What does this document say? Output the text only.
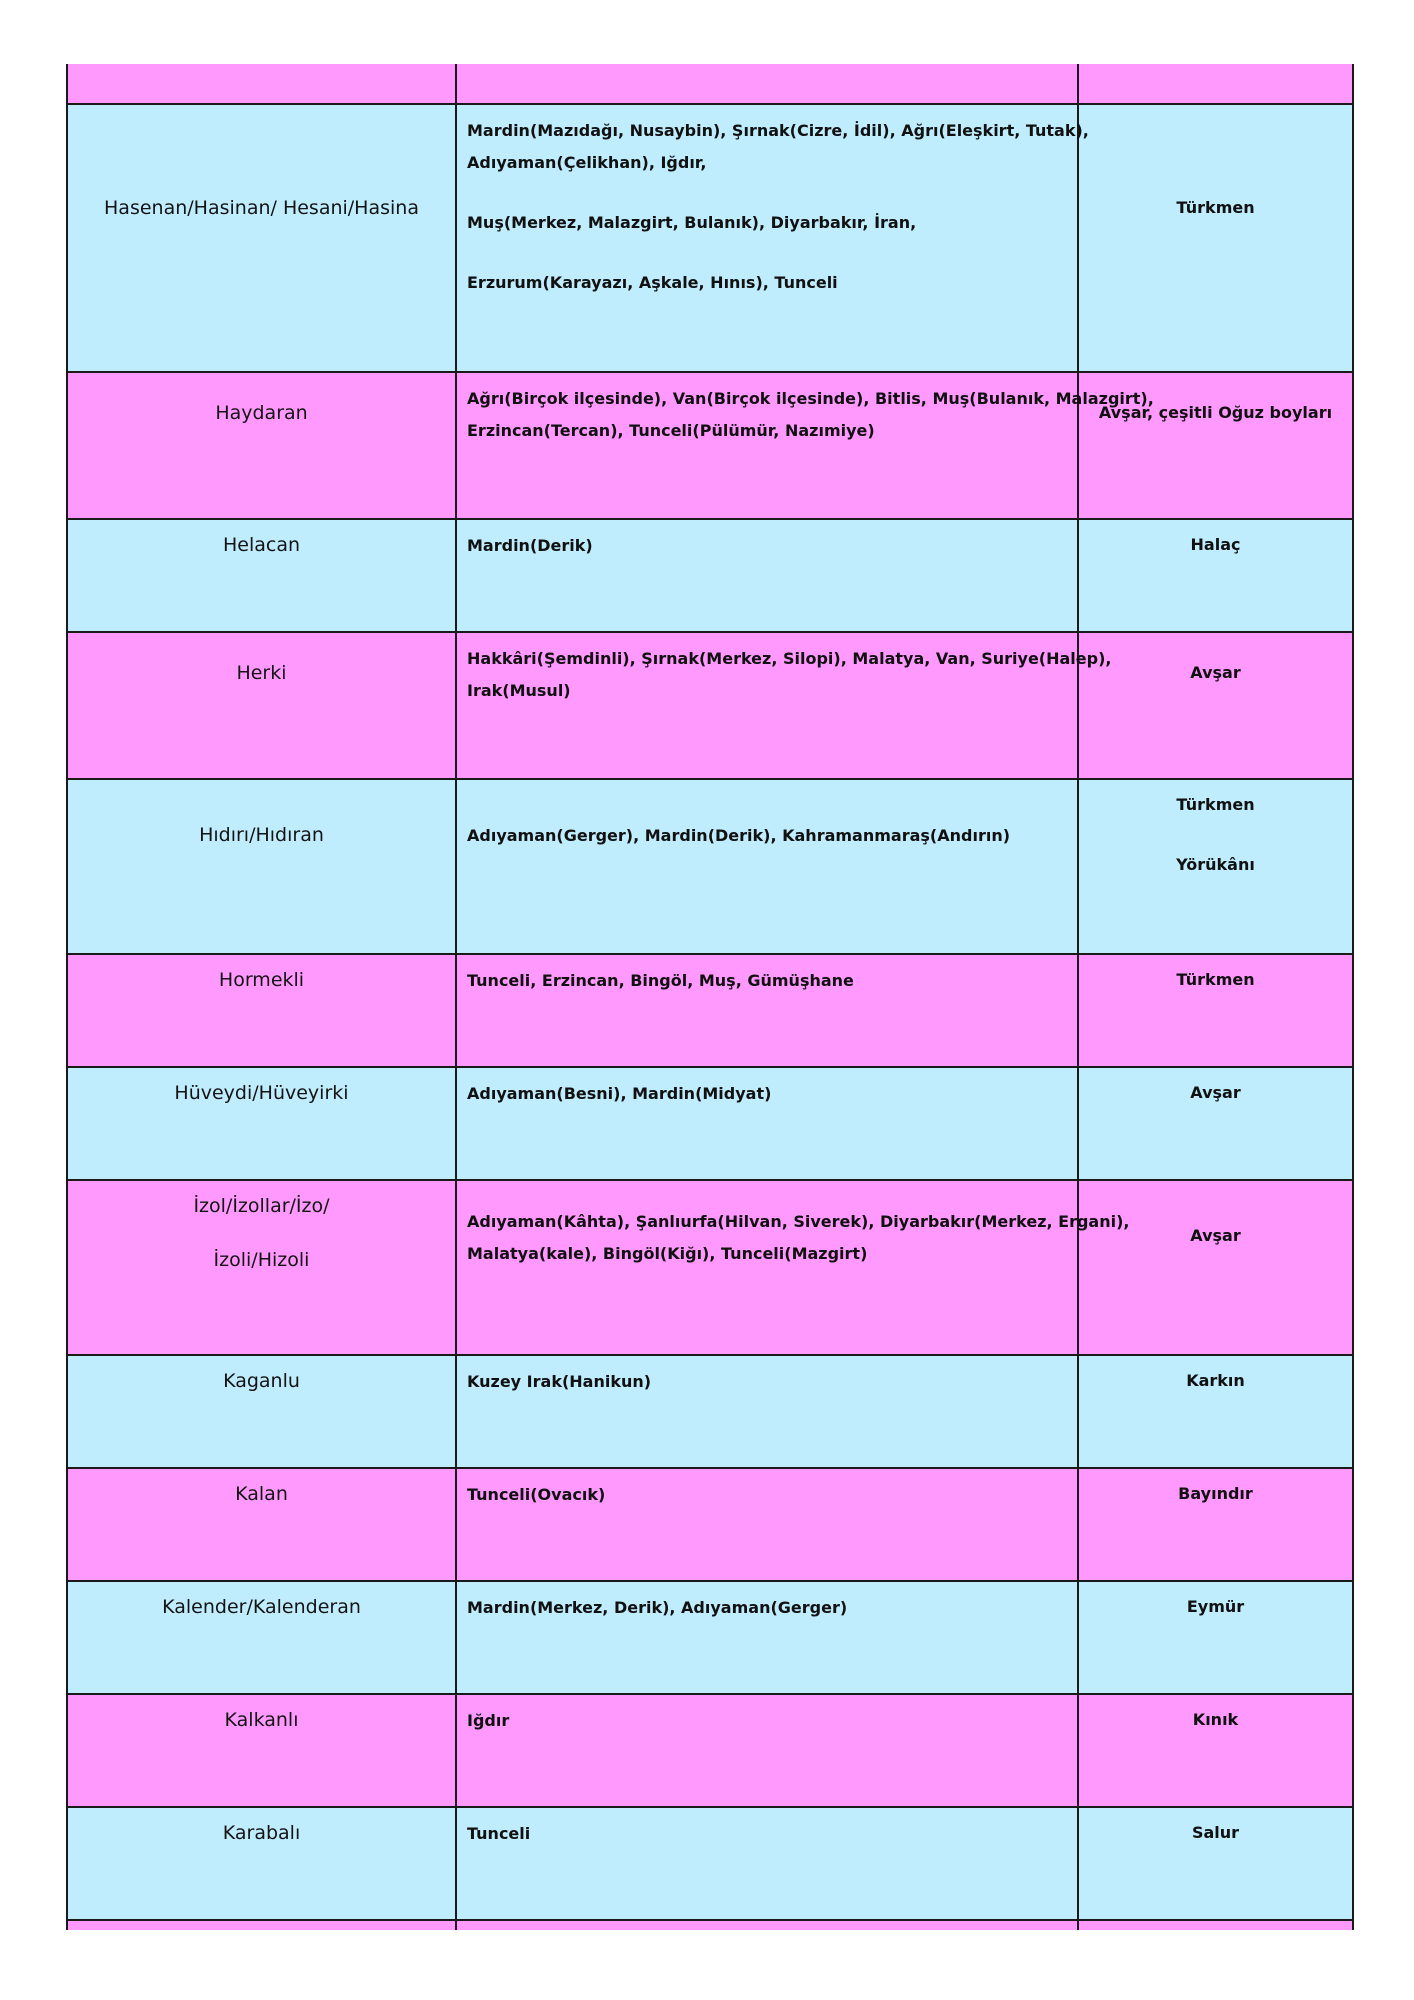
Hasenan/Hasinan/ Hesani/Hasina	Mardin(Mazıdağı, Nusaybin), Şırnak(Cizre, İdil), Ağrı(Eleşkirt, Tutak),
Adıyaman(Çelikhan), Iğdır,
Muş(Merkez, Malazgirt, Bulanık), Diyarbakır, İran,
Erzurum(Karayazı, Aşkale, Hınıs), Tunceli	Türkmen

Haydaran	Ağrı(Birçok ilçesinde), Van(Birçok ilçesinde), Bitlis, Muş(Bulanık, Malazgirt),
Erzincan(Tercan), Tunceli(Pülümür, Nazımiye)	Avşar, çeşitli Oğuz boyları

Helacan	Mardin(Derik)	Halaç

Herki	Hakkâri(Şemdinli), Şırnak(Merkez, Silopi), Malatya, Van, Suriye(Halep),
Irak(Musul)	Avşar

Hıdırı/Hıdıran	Adıyaman(Gerger), Mardin(Derik), Kahramanmaraş(Andırın)	Türkmen
Yörükânı

Hormekli	Tunceli, Erzincan, Bingöl, Muş, Gümüşhane	Türkmen

Hüveydi/Hüveyirki	Adıyaman(Besni), Mardin(Midyat)	Avşar

İzol/İzollar/İzo/
İzoli/Hizoli	Adıyaman(Kâhta), Şanlıurfa(Hilvan, Siverek), Diyarbakır(Merkez, Ergani),
Malatya(kale), Bingöl(Kiğı), Tunceli(Mazgirt)	Avşar

Kaganlu	Kuzey Irak(Hanikun)	Karkın

Kalan	Tunceli(Ovacık)	Bayındır

Kalender/Kalenderan	Mardin(Merkez, Derik), Adıyaman(Gerger)	Eymür

Kalkanlı	Iğdır	Kınık

Karabalı	Tunceli	Salur
